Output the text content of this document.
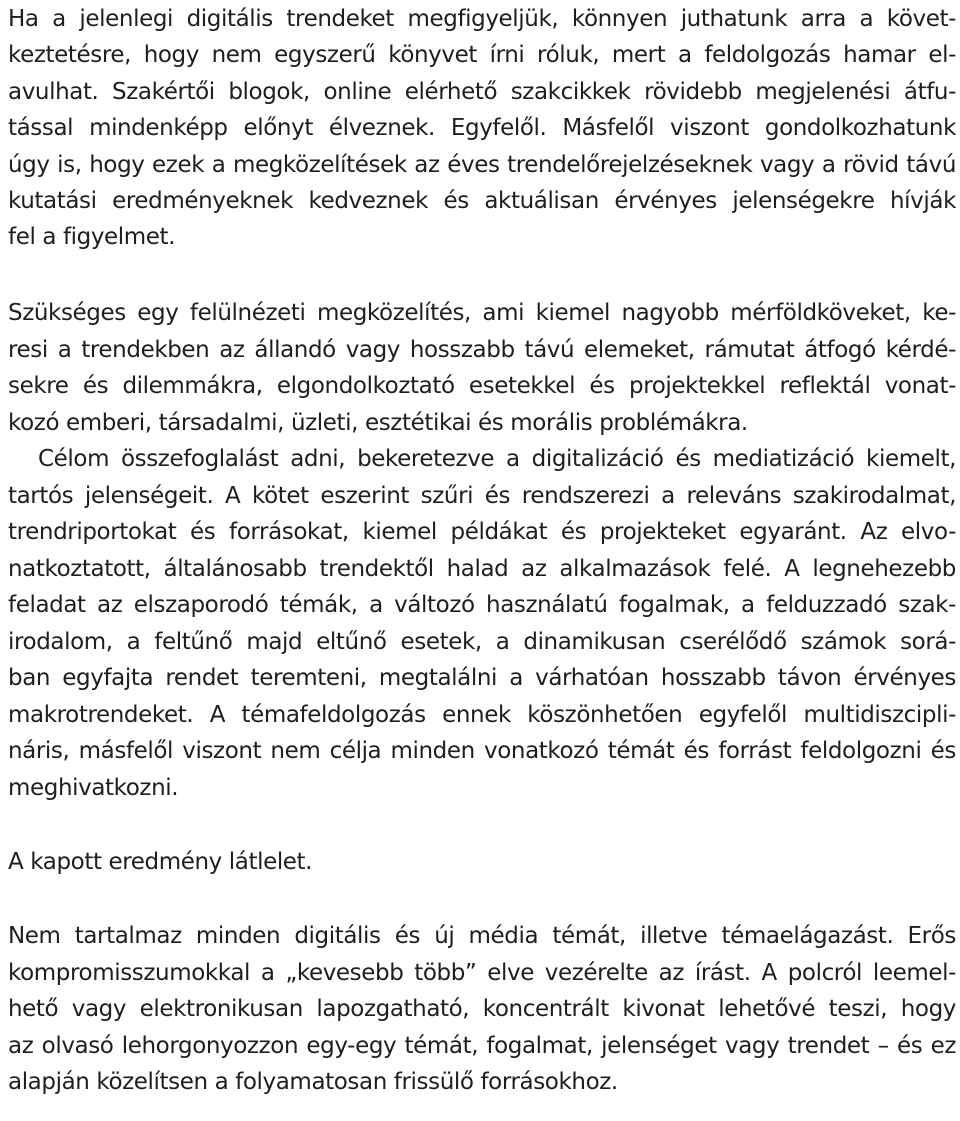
Ha a jelenlegi digitális trendeket megfigyeljük, könnyen juthatunk arra a követ-
keztetésre, hogy nem egyszerű könyvet írni róluk, mert a feldolgozás hamar el-
avulhat. Szakértői blogok, online elérhető szakcikkek rövidebb megjelenési átfu-
tással mindenképp előnyt élveznek. Egyfelől. Másfelől viszont gondolkozhatunk
úgy is, hogy ezek a megközelítések az éves trendelőrejelzéseknek vagy a rövid távú
kutatási eredményeknek kedveznek és aktuálisan érvényes jelenségekre hívják
fel a figyelmet.
Szükséges egy felülnézeti megközelítés, ami kiemel nagyobb mérföldköveket, ke-
resi a trendekben az állandó vagy hosszabb távú elemeket, rámutat átfogó kérdé-
sekre és dilemmákra, elgondolkoztató esetekkel és projektekkel reflektál vonat-
kozó emberi, társadalmi, üzleti, esztétikai és morális problémákra.
Célom összefoglalást adni, bekeretezve a digitalizáció és mediatizáció kiemelt,
tartós jelenségeit. A kötet eszerint szűri és rendszerezi a releváns szakirodalmat,
trendriportokat és forrásokat, kiemel példákat és projekteket egyaránt. Az elvo-
natkoztatott, általánosabb trendektől halad az alkalmazások felé. A legnehezebb
feladat az elszaporodó témák, a változó használatú fogalmak, a felduzzadó szak-
irodalom, a feltűnő majd eltűnő esetek, a dinamikusan cserélődő számok sorá-
ban egyfajta rendet teremteni, megtalálni a várhatóan hosszabb távon érvényes
makrotrendeket. A témafeldolgozás ennek köszönhetően egyfelől multidiszcipli-
náris, másfelől viszont nem célja minden vonatkozó témát és forrást feldolgozni és
meghivatkozni.
A kapott eredmény látlelet.
Nem tartalmaz minden digitális és új média témát, illetve témaelágazást. Erős
kompromisszumokkal a „kevesebb több” elve vezérelte az írást. A polcról leemel-
hető vagy elektronikusan lapozgatható, koncentrált kivonat lehetővé teszi, hogy
az olvasó lehorgonyozzon egy-egy témát, fogalmat, jelenséget vagy trendet – és ez
alapján közelítsen a folyamatosan frissülő forrásokhoz.
